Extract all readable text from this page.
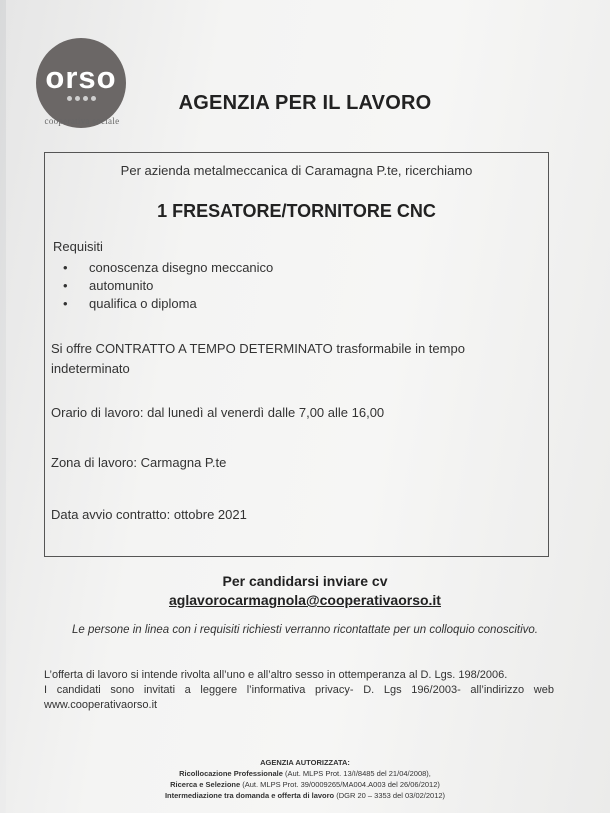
orso
cooperativa sociale
AGENZIA PER IL LAVORO
Per azienda metalmeccanica di Caramagna P.te, ricerchiamo
1 FRESATORE/TORNITORE CNC
Requisiti
•	conoscenza disegno meccanico
•	automunito
•	qualifica o diploma
Si offre CONTRATTO A TEMPO DETERMINATO trasformabile in tempo indeterminato
Orario di lavoro: dal lunedì al venerdì dalle 7,00 alle 16,00
Zona di lavoro: Carmagna P.te
Data avvio contratto: ottobre 2021
Per candidarsi inviare cv
aglavorocarmagnola@cooperativaorso.it
Le persone in linea con i requisiti richiesti verranno ricontattate per un colloquio conoscitivo.

L’offerta di lavoro si intende rivolta all’uno e all’altro sesso in ottemperanza al D. Lgs. 198/2006.

I candidati sono invitati a leggere l’informativa privacy- D. Lgs 196/2003- all’indirizzo web www.cooperativaorso.it

AGENZIA AUTORIZZATA:
Ricollocazione Professionale (Aut. MLPS Prot. 13/I/8485 del 21/04/2008),
Ricerca e Selezione (Aut. MLPS Prot. 39/0009265/MA004.A003 del 26/06/2012)
Intermediazione tra domanda e offerta di lavoro (DGR 20 – 3353 del 03/02/2012)
